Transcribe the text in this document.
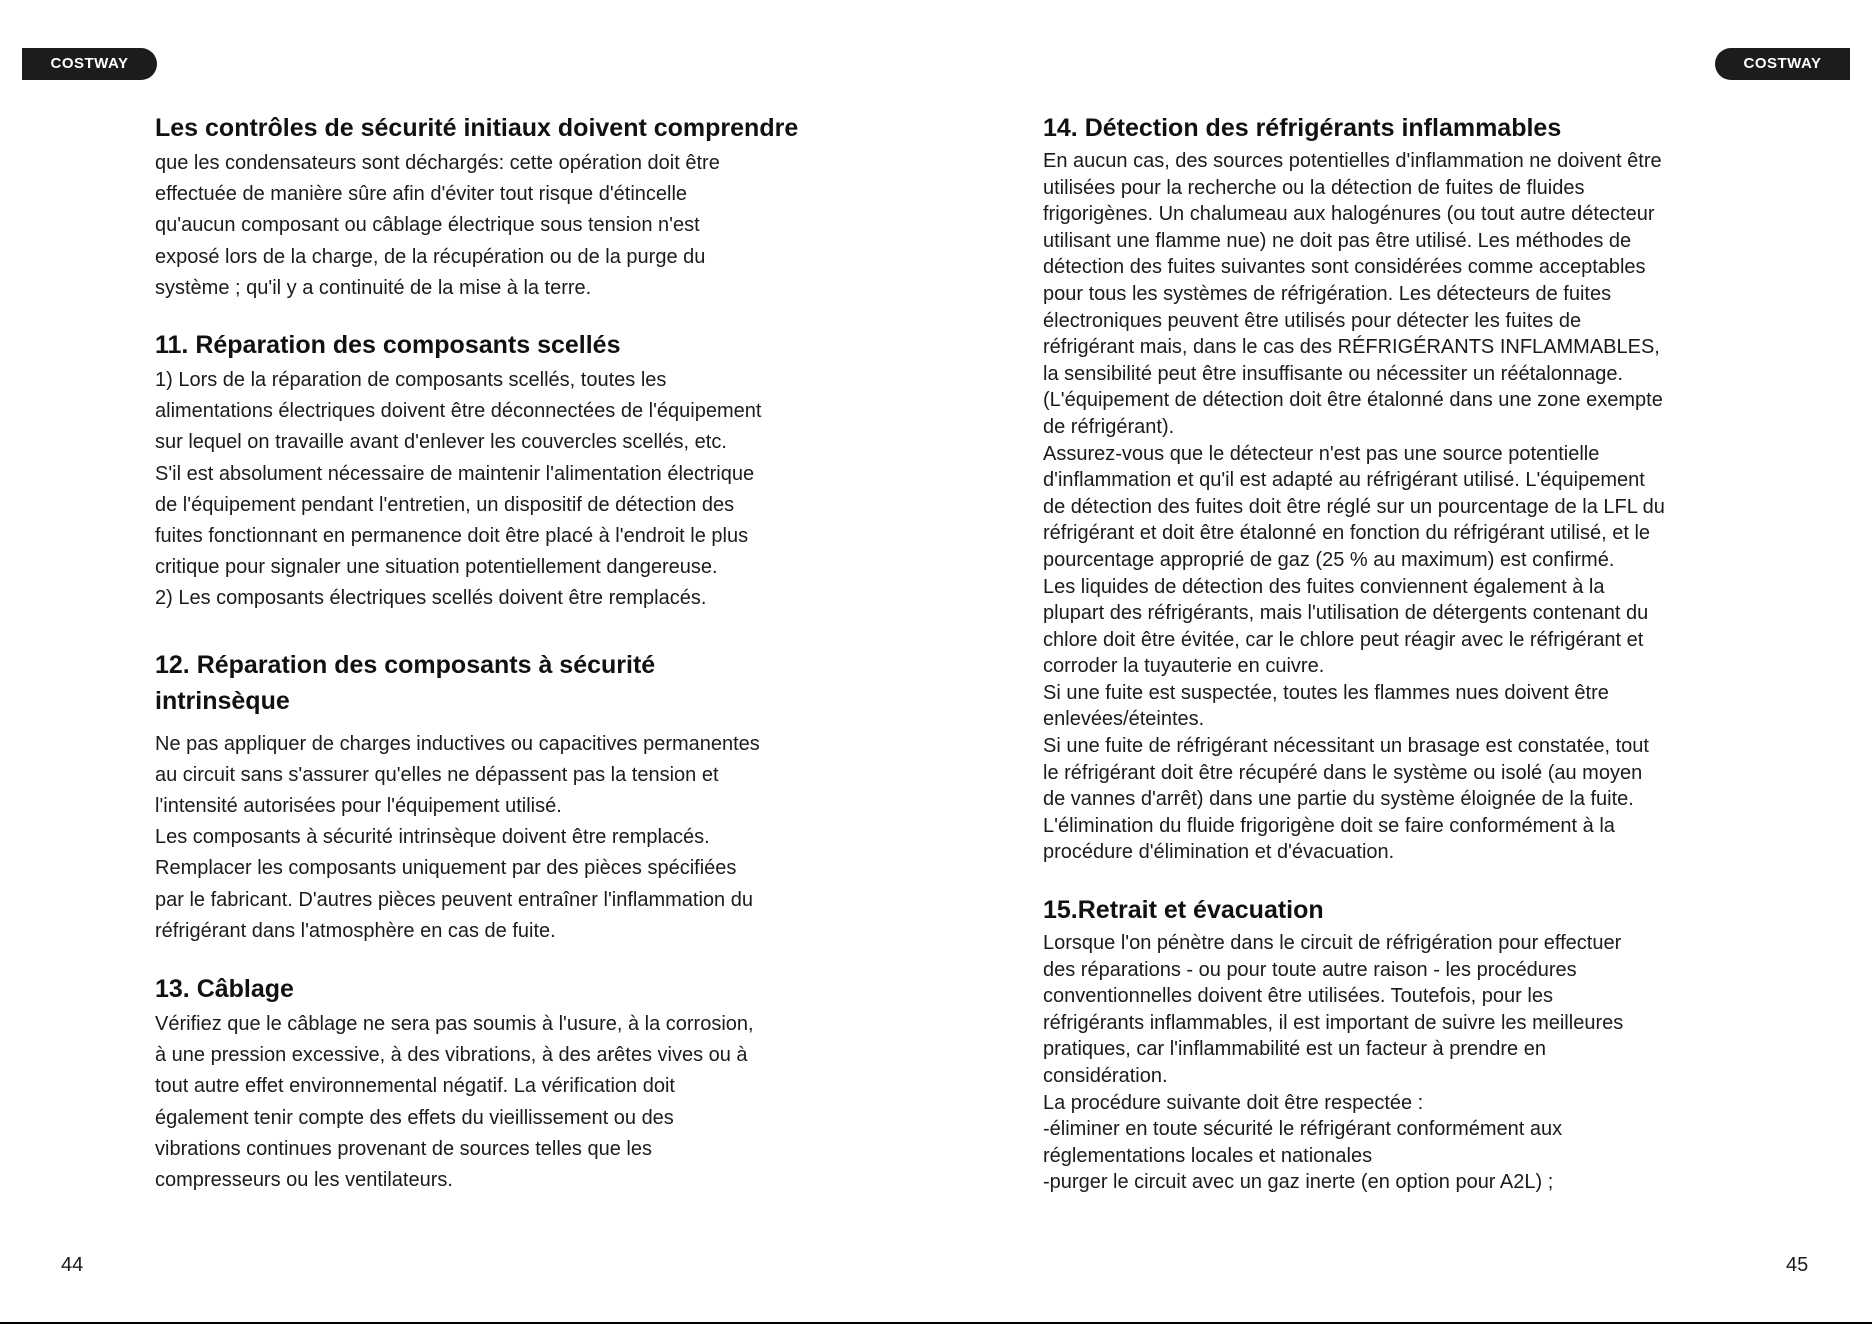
COSTWAY	COSTWAY
Les contrôles de sécurité initiaux doivent comprendre

que les condensateurs sont déchargés: cette opération doit être

effectuée de manière sûre afin d'éviter tout risque d'étincelle

qu'aucun composant ou câblage électrique sous tension n'est

exposé lors de la charge, de la récupération ou de la purge du

système ; qu'il y a continuité de la mise à la terre.

11. Réparation des composants scellés

1) Lors de la réparation de composants scellés, toutes les

alimentations électriques doivent être déconnectées de l'équipement

sur lequel on travaille avant d'enlever les couvercles scellés, etc.

S'il est absolument nécessaire de maintenir l'alimentation électrique

de l'équipement pendant l'entretien, un dispositif de détection des

fuites fonctionnant en permanence doit être placé à l'endroit le plus

critique pour signaler une situation potentiellement dangereuse.

2) Les composants électriques scellés doivent être remplacés.

12. Réparation des composants à sécurité
intrinsèque

Ne pas appliquer de charges inductives ou capacitives permanentes

au circuit sans s'assurer qu'elles ne dépassent pas la tension et

l'intensité autorisées pour l'équipement utilisé.

Les composants à sécurité intrinsèque doivent être remplacés.

Remplacer les composants uniquement par des pièces spécifiées

par le fabricant. D'autres pièces peuvent entraîner l'inflammation du

réfrigérant dans l'atmosphère en cas de fuite.

13. Câblage

Vérifiez que le câblage ne sera pas soumis à l'usure, à la corrosion,

à une pression excessive, à des vibrations, à des arêtes vives ou à

tout autre effet environnemental négatif. La vérification doit

également tenir compte des effets du vieillissement ou des

vibrations continues provenant de sources telles que les

compresseurs ou les ventilateurs.

14. Détection des réfrigérants inflammables

En aucun cas, des sources potentielles d'inflammation ne doivent être

utilisées pour la recherche ou la détection de fuites de fluides

frigorigènes. Un chalumeau aux halogénures (ou tout autre détecteur

utilisant une flamme nue) ne doit pas être utilisé. Les méthodes de

détection des fuites suivantes sont considérées comme acceptables

pour tous les systèmes de réfrigération. Les détecteurs de fuites

électroniques peuvent être utilisés pour détecter les fuites de

réfrigérant mais, dans le cas des RÉFRIGÉRANTS INFLAMMABLES,

la sensibilité peut être insuffisante ou nécessiter un réétalonnage.

(L'équipement de détection doit être étalonné dans une zone exempte

de réfrigérant).

Assurez-vous que le détecteur n'est pas une source potentielle

d'inflammation et qu'il est adapté au réfrigérant utilisé. L'équipement

de détection des fuites doit être réglé sur un pourcentage de la LFL du

réfrigérant et doit être étalonné en fonction du réfrigérant utilisé, et le

pourcentage approprié de gaz (25 % au maximum) est confirmé.

Les liquides de détection des fuites conviennent également à la

plupart des réfrigérants, mais l'utilisation de détergents contenant du

chlore doit être évitée, car le chlore peut réagir avec le réfrigérant et

corroder la tuyauterie en cuivre.

Si une fuite est suspectée, toutes les flammes nues doivent être

enlevées/éteintes.

Si une fuite de réfrigérant nécessitant un brasage est constatée, tout

le réfrigérant doit être récupéré dans le système ou isolé (au moyen

de vannes d'arrêt) dans une partie du système éloignée de la fuite.

L'élimination du fluide frigorigène doit se faire conformément à la

procédure d'élimination et d'évacuation.

15.Retrait et évacuation

Lorsque l'on pénètre dans le circuit de réfrigération pour effectuer

des réparations - ou pour toute autre raison - les procédures

conventionnelles doivent être utilisées. Toutefois, pour les

réfrigérants inflammables, il est important de suivre les meilleures

pratiques, car l'inflammabilité est un facteur à prendre en

considération.

La procédure suivante doit être respectée :

-éliminer en toute sécurité le réfrigérant conformément aux

réglementations locales et nationales

-purger le circuit avec un gaz inerte (en option pour A2L) ;

44	45
